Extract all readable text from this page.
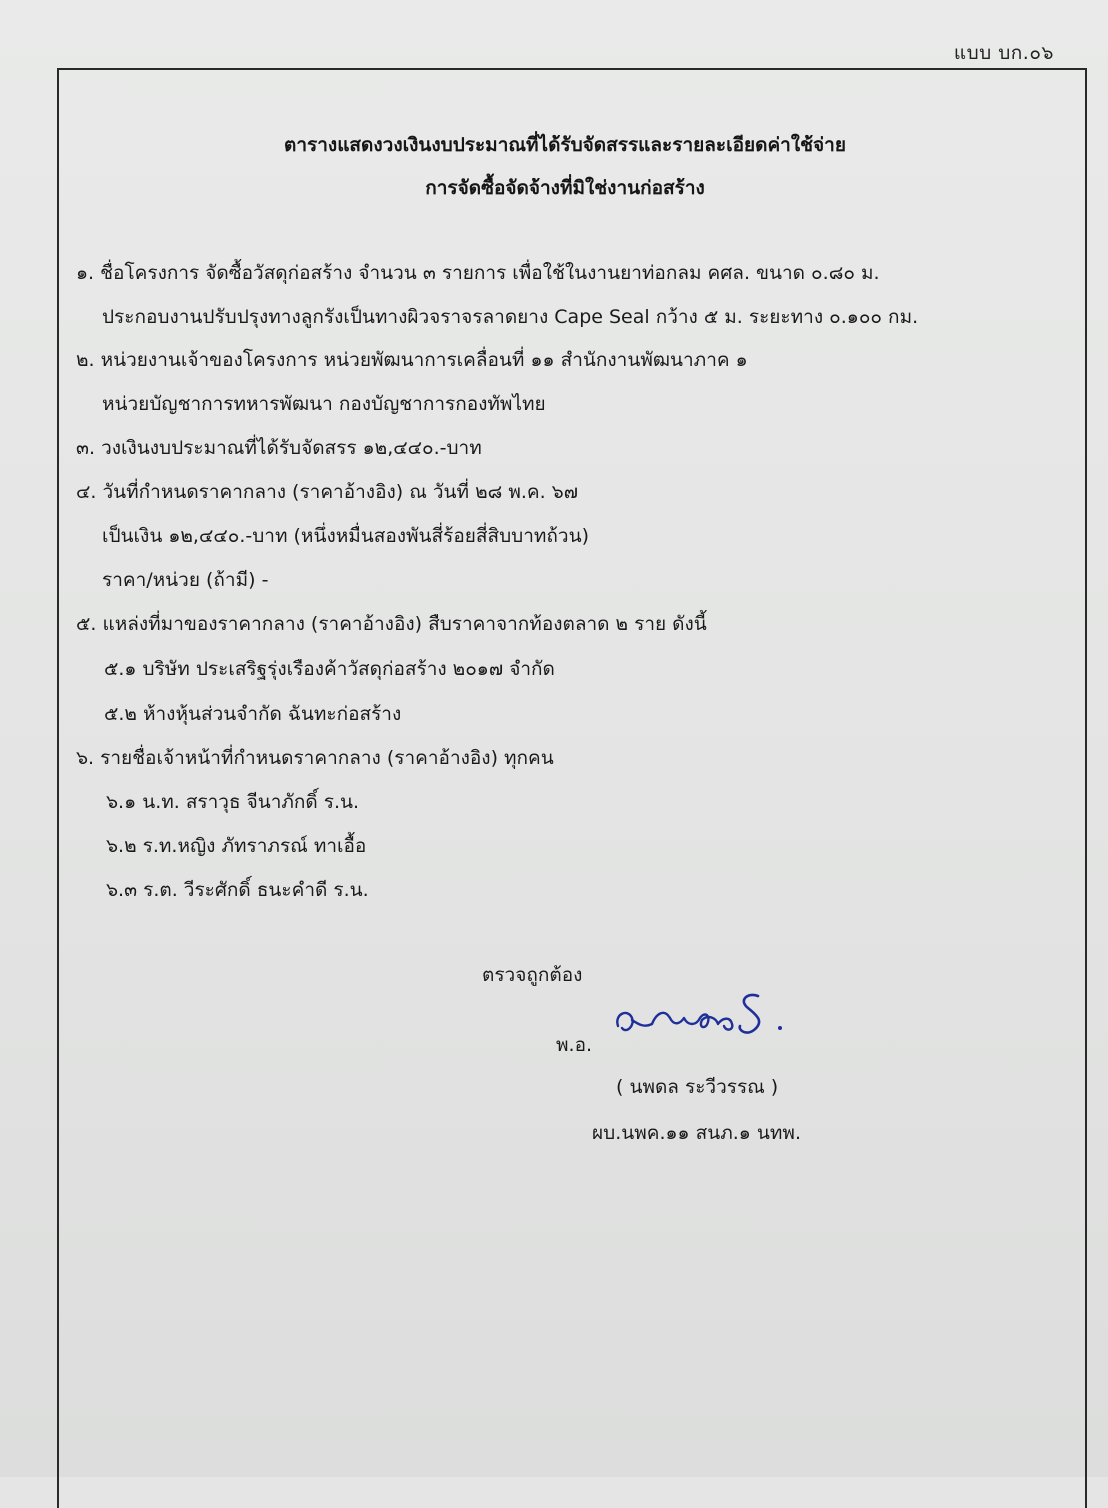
แบบ บก.๐๖
ตารางแสดงวงเงินงบประมาณที่ได้รับจัดสรรและรายละเอียดค่าใช้จ่าย
การจัดซื้อจัดจ้างที่มิใช่งานก่อสร้าง
๑. ชื่อโครงการ จัดซื้อวัสดุก่อสร้าง จำนวน ๓ รายการ เพื่อใช้ในงานยาท่อกลม คศล. ขนาด ๐.๘๐ ม.
ประกอบงานปรับปรุงทางลูกรังเป็นทางผิวจราจรลาดยาง Cape Seal กว้าง ๕ ม. ระยะทาง ๐.๑๐๐ กม.
๒. หน่วยงานเจ้าของโครงการ หน่วยพัฒนาการเคลื่อนที่ ๑๑ สำนักงานพัฒนาภาค ๑
หน่วยบัญชาการทหารพัฒนา กองบัญชาการกองทัพไทย
๓. วงเงินงบประมาณที่ได้รับจัดสรร ๑๒,๔๔๐.-บาท
๔. วันที่กำหนดราคากลาง (ราคาอ้างอิง) ณ วันที่ ๒๘ พ.ค. ๖๗
เป็นเงิน ๑๒,๔๔๐.-บาท (หนึ่งหมื่นสองพันสี่ร้อยสี่สิบบาทถ้วน)
ราคา/หน่วย (ถ้ามี) -
๕. แหล่งที่มาของราคากลาง (ราคาอ้างอิง) สืบราคาจากท้องตลาด ๒ ราย ดังนี้
๕.๑ บริษัท ประเสริฐรุ่งเรืองค้าวัสดุก่อสร้าง ๒๐๑๗ จำกัด
๕.๒ ห้างหุ้นส่วนจำกัด ฉันทะก่อสร้าง
๖. รายชื่อเจ้าหน้าที่กำหนดราคากลาง (ราคาอ้างอิง) ทุกคน
๖.๑ น.ท. สราวุธ จีนาภักดิ์ ร.น.
๖.๒ ร.ท.หญิง ภัทราภรณ์ ทาเอื้อ
๖.๓ ร.ต. วีระศักดิ์ ธนะคำดี ร.น.
ตรวจถูกต้อง
พ.อ.
( นพดล ระวีวรรณ )
ผบ.นพค.๑๑ สนภ.๑ นทพ.
